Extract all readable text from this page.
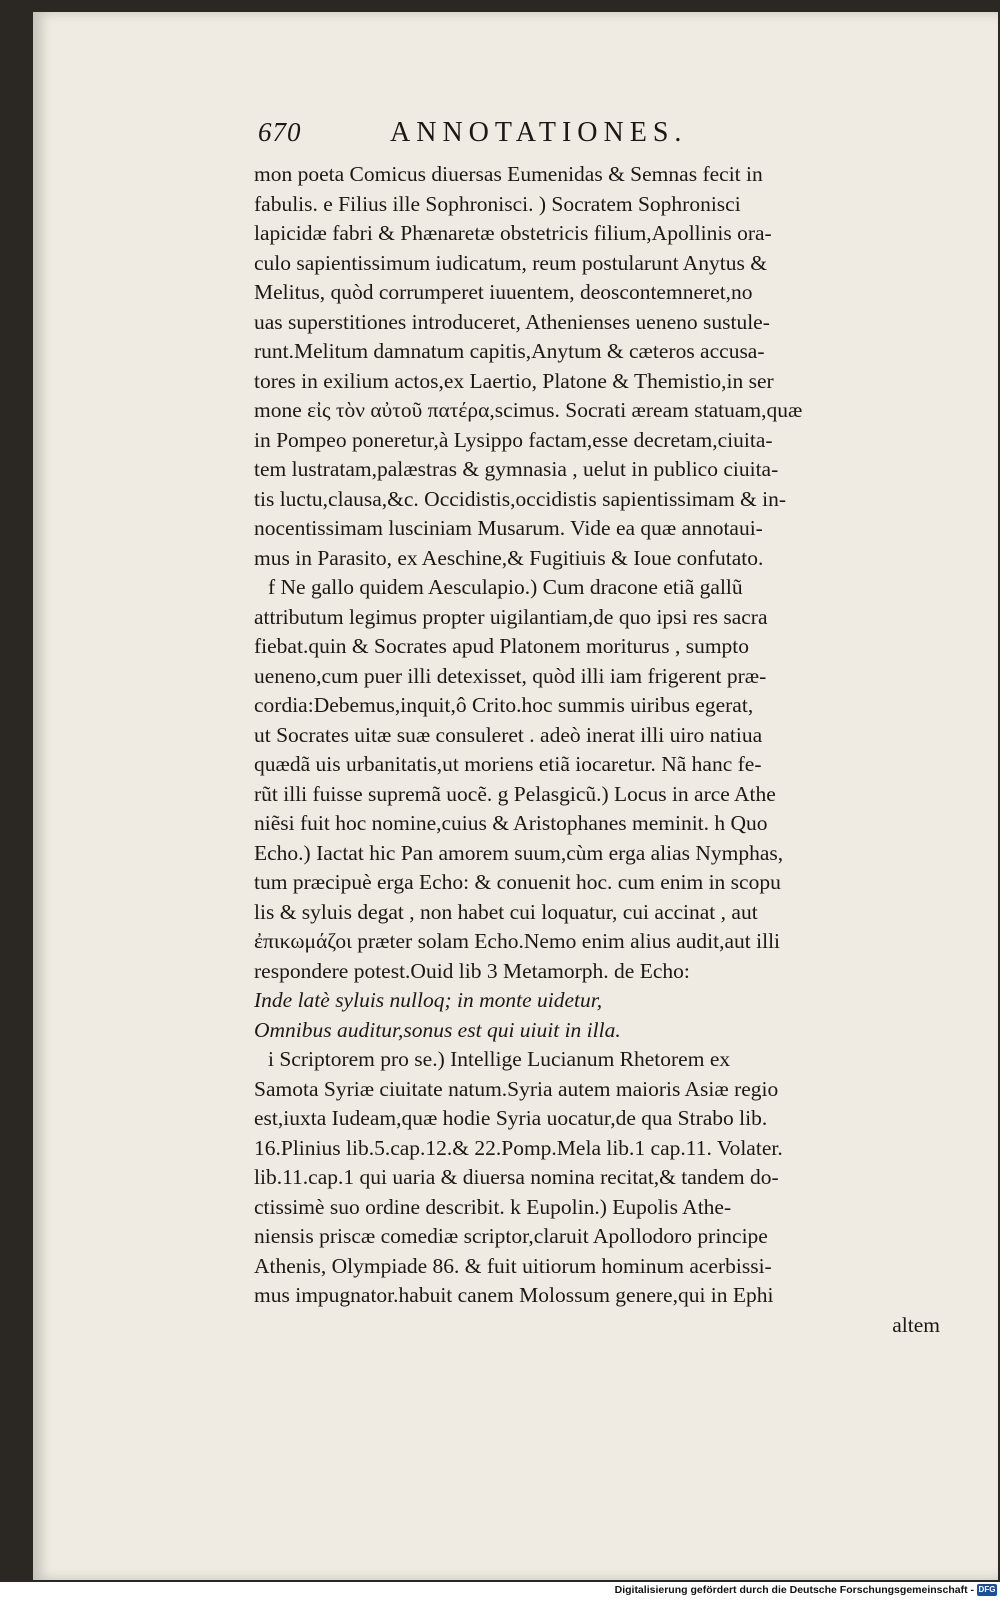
670	ANNOTATIONES.
mon poeta Comicus diuersas Eumenidas & Semnas fecit in
fabulis. e Filius ille Sophronisci. ) Socratem Sophronisci
lapicidæ fabri & Phænaretæ obstetricis filium,Apollinis ora-
culo sapientissimum iudicatum, reum postularunt Anytus &
Melitus, quòd corrumperet iuuentem, deoscontemneret,no
uas superstitiones introduceret, Athenienses ueneno sustule-
runt.Melitum damnatum capitis,Anytum & cæteros accusa-
tores in exilium actos,ex Laertio, Platone & Themistio,in ser
mone εἰς τὸν αὐτοῦ πατέρα,scimus. Socrati æream statuam,quæ
in Pompeo poneretur,à Lysippo factam,esse decretam,ciuita-
tem lustratam,palæstras & gymnasia , uelut in publico ciuita-
tis luctu,clausa,&c. Occidistis,occidistis sapientissimam & in-
nocentissimam lusciniam Musarum. Vide ea quæ annotaui-
mus in Parasito, ex Aeschine,& Fugitiuis & Ioue confutato.
f Ne gallo quidem Aesculapio.) Cum dracone etiã gallũ
attributum legimus propter uigilantiam,de quo ipsi res sacra
fiebat.quin & Socrates apud Platonem moriturus , sumpto
ueneno,cum puer illi detexisset, quòd illi iam frigerent præ-
cordia:Debemus,inquit,ô Crito.hoc summis uiribus egerat,
ut Socrates uitæ suæ consuleret . adeò inerat illi uiro natiua
quædã uis urbanitatis,ut moriens etiã iocaretur. Nã hanc fe-
rũt illi fuisse supremã uocẽ. g Pelasgicũ.) Locus in arce Athe
niẽsi fuit hoc nomine,cuius & Aristophanes meminit. h Quo
Echo.) Iactat hic Pan amorem suum,cùm erga alias Nymphas,
tum præcipuè erga Echo: & conuenit hoc. cum enim in scopu
lis & syluis degat , non habet cui loquatur, cui accinat , aut
ἐπικωμάζοι præter solam Echo.Nemo enim alius audit,aut illi
respondere potest.Ouid lib 3 Metamorph. de Echo:
Inde latè syluis nulloq; in monte uidetur,
Omnibus auditur,sonus est qui uiuit in illa.
i Scriptorem pro se.) Intellige Lucianum Rhetorem ex
Samota Syriæ ciuitate natum.Syria autem maioris Asiæ regio
est,iuxta Iudeam,quæ hodie Syria uocatur,de qua Strabo lib.
16.Plinius lib.5.cap.12.& 22.Pomp.Mela lib.1 cap.11. Volater.
lib.11.cap.1 qui uaria & diuersa nomina recitat,& tandem do-
ctissimè suo ordine describit. k Eupolin.) Eupolis Athe-
niensis priscæ comediæ scriptor,claruit Apollodoro principe
Athenis, Olympiade 86. & fuit uitiorum hominum acerbissi-
mus impugnator.habuit canem Molossum genere,qui in Ephi
altem
Digitalisierung gefördert durch die Deutsche Forschungsgemeinschaft - DFG
